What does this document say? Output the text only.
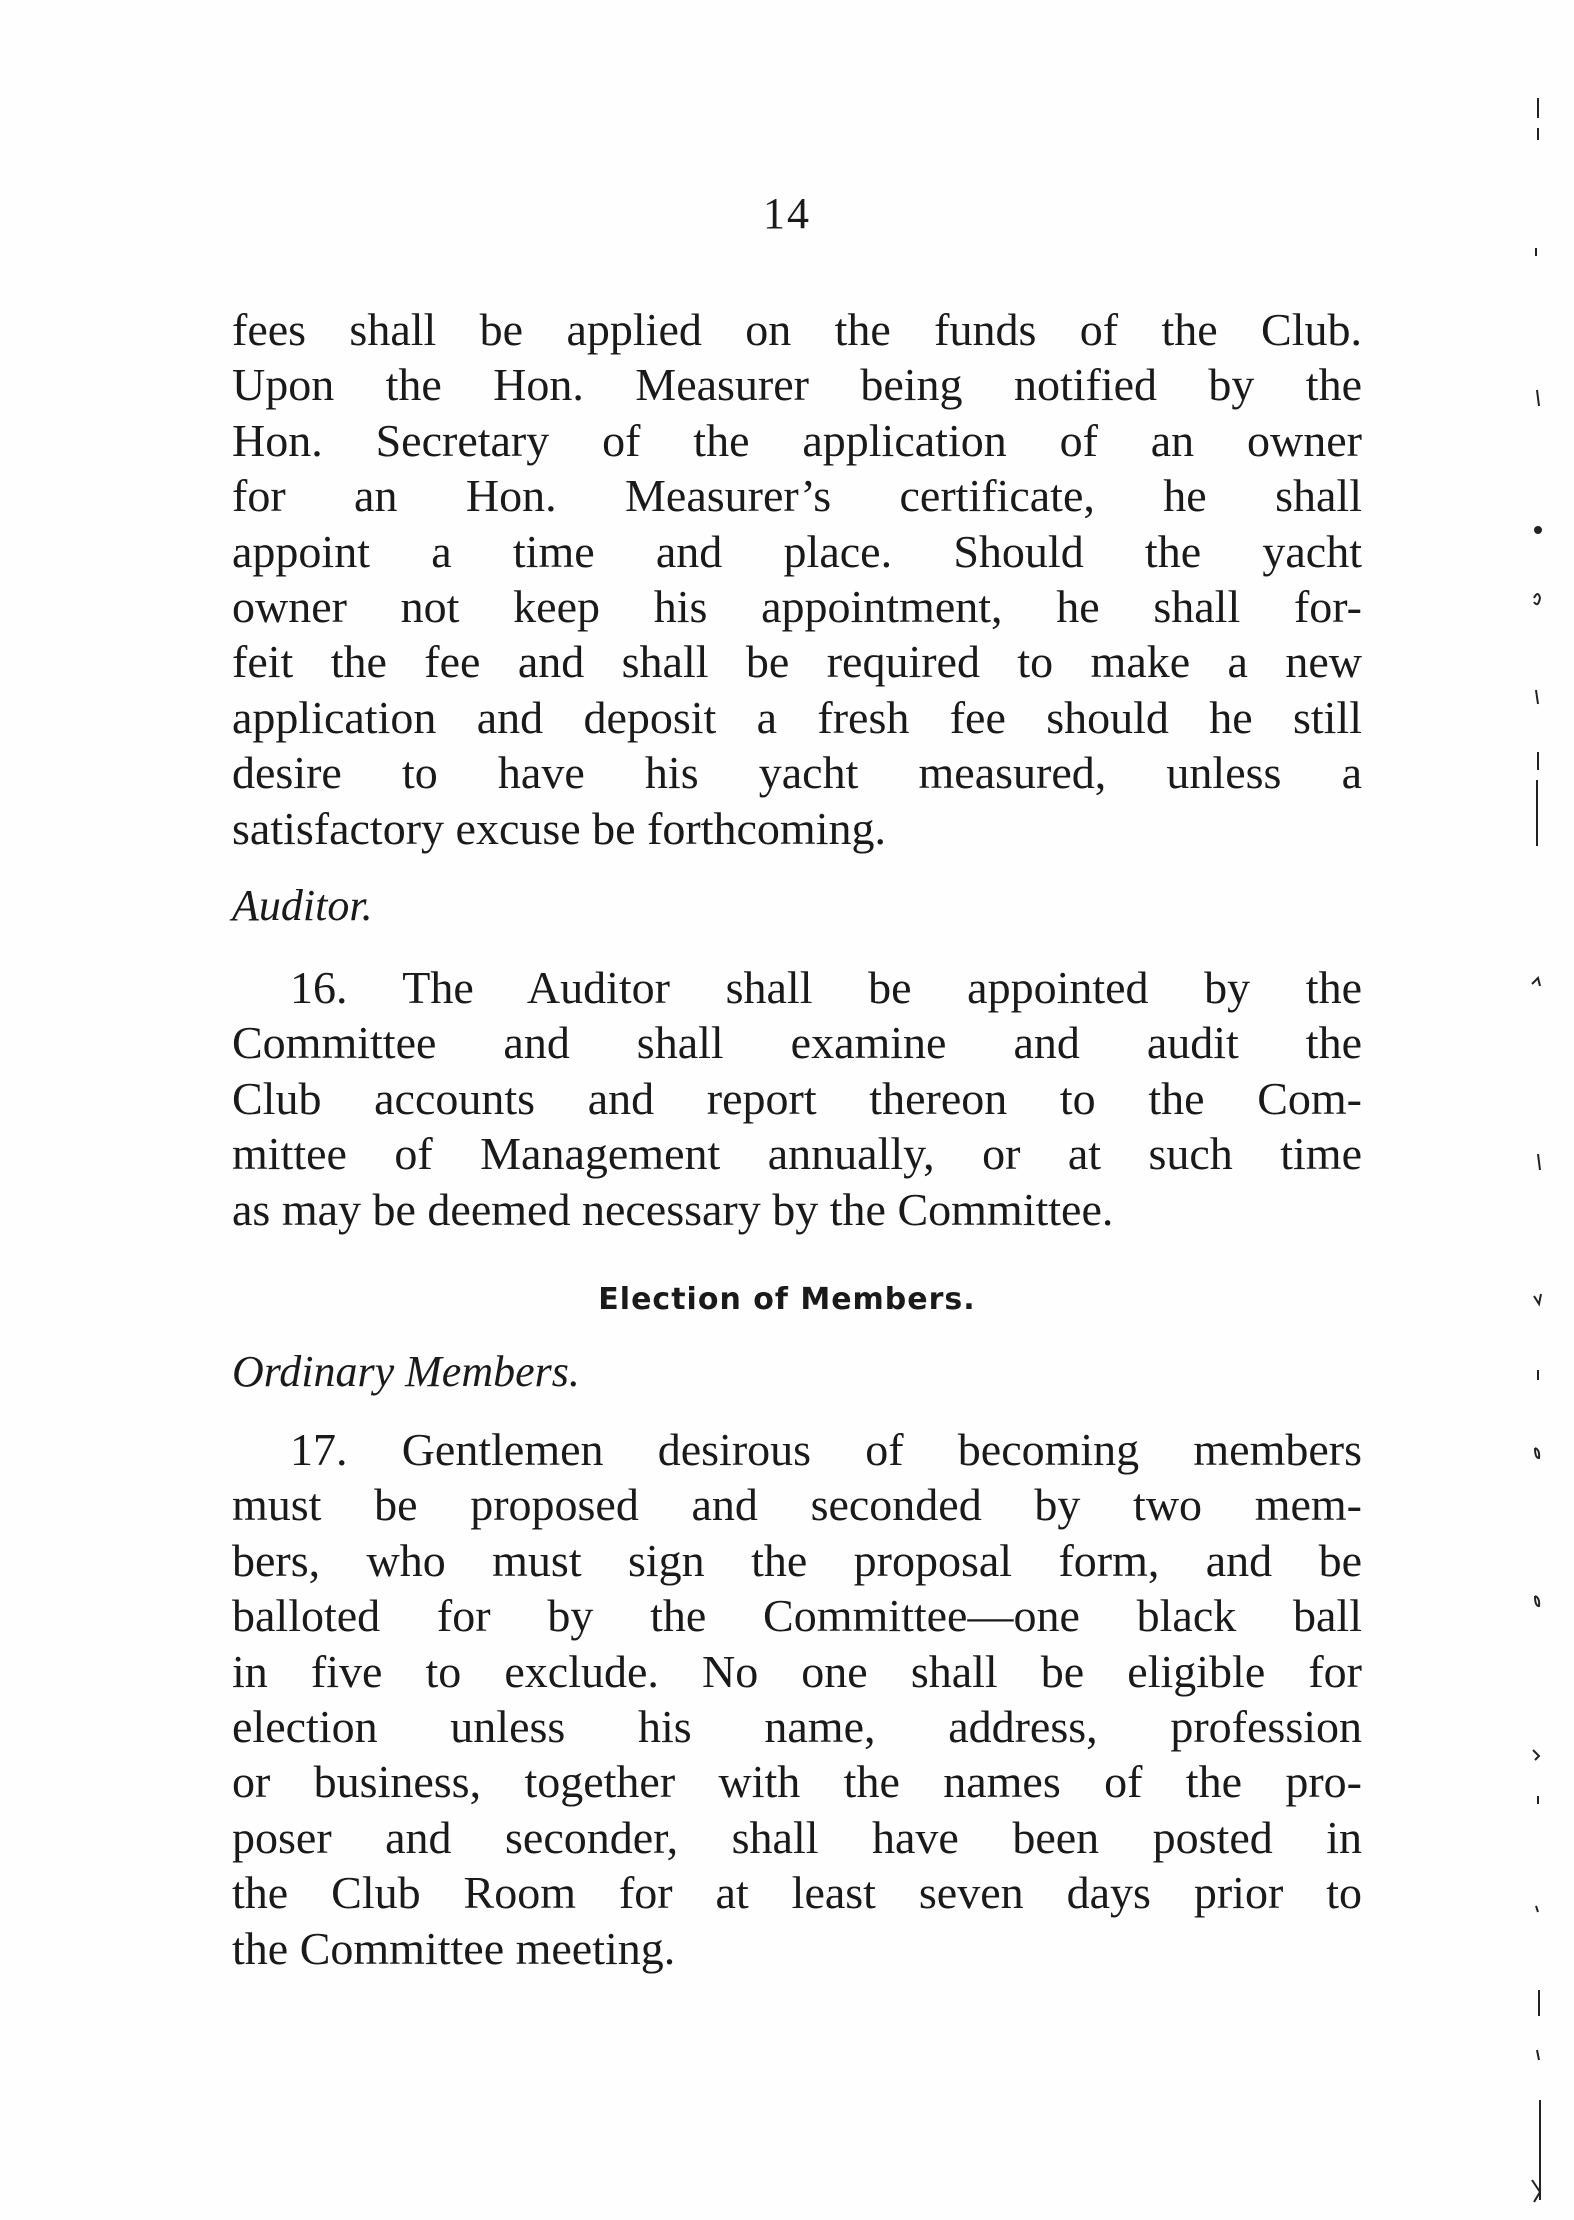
14
fees shall be applied on the funds of the Club.
Upon the Hon. Measurer being notified by the
Hon. Secretary of the application of an owner
for an Hon. Measurer’s certificate, he shall
appoint a time and place. Should the yacht
owner not keep his appointment, he shall for-
feit the fee and shall be required to make a new
application and deposit a fresh fee should he still
desire to have his yacht measured, unless a
satisfactory excuse be forthcoming.
Auditor.
16. The Auditor shall be appointed by the
Committee and shall examine and audit the
Club accounts and report thereon to the Com-
mittee of Management annually, or at such time
as may be deemed necessary by the Committee.
Election of Members.
Ordinary Members.
17. Gentlemen desirous of becoming members
must be proposed and seconded by two mem-
bers, who must sign the proposal form, and be
balloted for by the Committee—one black ball
in five to exclude. No one shall be eligible for
election unless his name, address, profession
or business, together with the names of the pro-
poser and seconder, shall have been posted in
the Club Room for at least seven days prior to
the Committee meeting.
